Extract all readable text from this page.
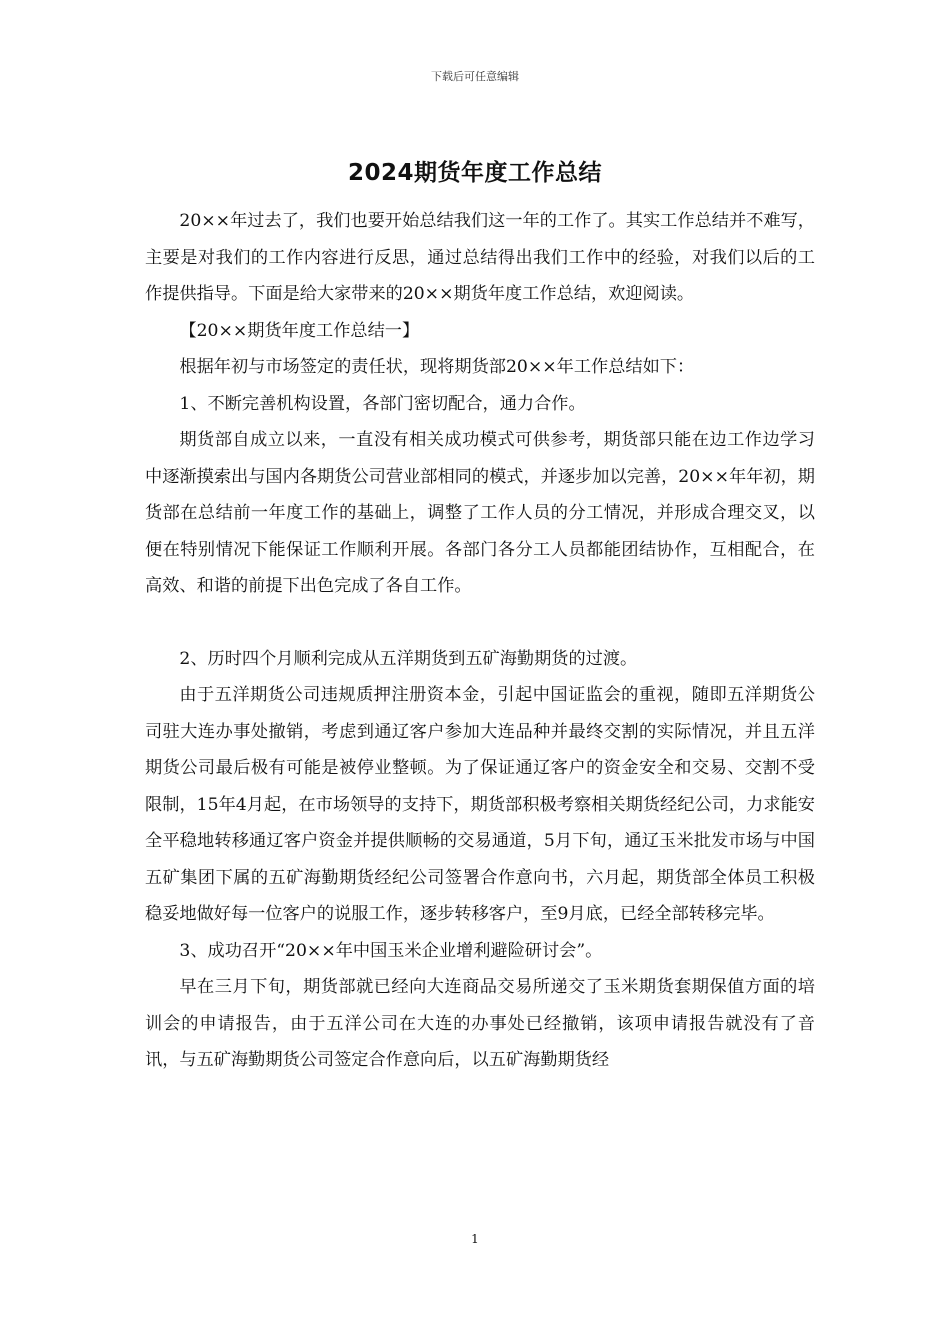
下载后可任意编辑
2024期货年度工作总结

20××年过去了，我们也要开始总结我们这一年的工作了。其实工作总结并不难写，主要是对我们的工作内容进行反思，通过总结得出我们工作中的经验，对我们以后的工作提供指导。下面是给大家带来的20××期货年度工作总结，欢迎阅读。

【20××期货年度工作总结一】

根据年初与市场签定的责任状，现将期货部20××年工作总结如下：

1、不断完善机构设置，各部门密切配合，通力合作。

期货部自成立以来，一直没有相关成功模式可供参考，期货部只能在边工作边学习中逐渐摸索出与国内各期货公司营业部相同的模式，并逐步加以完善，20××年年初，期货部在总结前一年度工作的基础上，调整了工作人员的分工情况，并形成合理交叉，以便在特别情况下能保证工作顺利开展。各部门各分工人员都能团结协作，互相配合，在高效、和谐的前提下出色完成了各自工作。

2、历时四个月顺利完成从五洋期货到五矿海勤期货的过渡。

由于五洋期货公司违规质押注册资本金，引起中国证监会的重视，随即五洋期货公司驻大连办事处撤销，考虑到通辽客户参加大连品种并最终交割的实际情况，并且五洋期货公司最后极有可能是被停业整顿。为了保证通辽客户的资金安全和交易、交割不受限制，15年4月起，在市场领导的支持下，期货部积极考察相关期货经纪公司，力求能安全平稳地转移通辽客户资金并提供顺畅的交易通道，5月下旬，通辽玉米批发市场与中国五矿集团下属的五矿海勤期货经纪公司签署合作意向书，六月起，期货部全体员工积极稳妥地做好每一位客户的说服工作，逐步转移客户，至9月底，已经全部转移完毕。

3、成功召开“20××年中国玉米企业增利避险研讨会”。

早在三月下旬，期货部就已经向大连商品交易所递交了玉米期货套期保值方面的培训会的申请报告，由于五洋公司在大连的办事处已经撤销，该项申请报告就没有了音讯，与五矿海勤期货公司签定合作意向后，以五矿海勤期货经

1
